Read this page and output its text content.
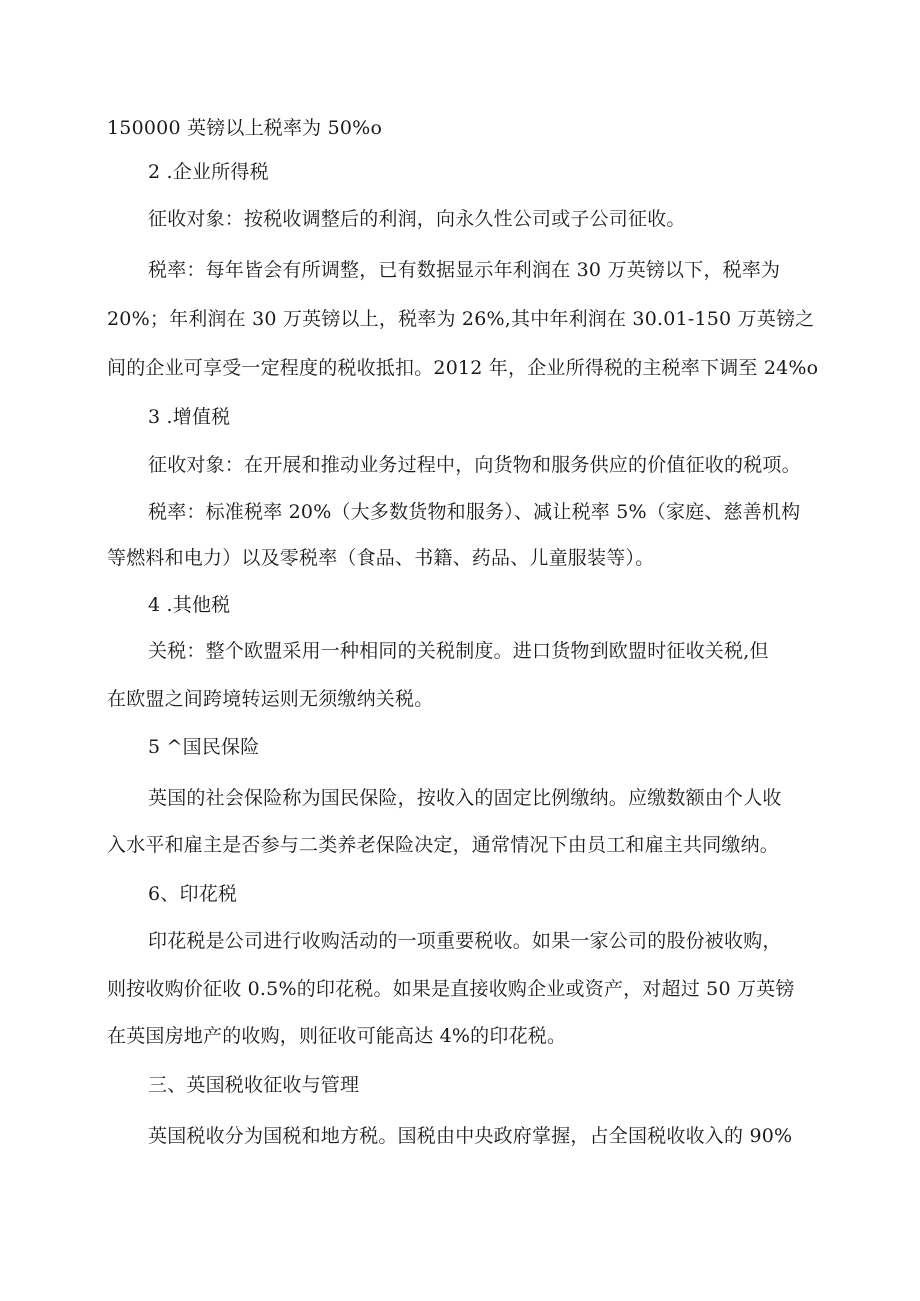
150000 英镑以上税率为 50%o
2 .企业所得税
征收对象：按税收调整后的利润，向永久性公司或子公司征收。
税率：每年皆会有所调整，已有数据显示年利润在 30 万英镑以下，税率为
20%；年利润在 30 万英镑以上，税率为 26%,其中年利润在 30.01-150 万英镑之
间的企业可享受一定程度的税收抵扣。2012 年，企业所得税的主税率下调至 24%o
3 .增值税
征收对象：在开展和推动业务过程中，向货物和服务供应的价值征收的税项。
税率：标准税率 20%（大多数货物和服务）、减让税率 5%（家庭、慈善机构
等燃料和电力）以及零税率（食品、书籍、药品、儿童服装等）。
4 .其他税
关税：整个欧盟采用一种相同的关税制度。进口货物到欧盟时征收关税,但
在欧盟之间跨境转运则无须缴纳关税。
5 ^国民保险
英国的社会保险称为国民保险，按收入的固定比例缴纳。应缴数额由个人收
入水平和雇主是否参与二类养老保险决定，通常情况下由员工和雇主共同缴纳。
6、印花税
印花税是公司进行收购活动的一项重要税收。如果一家公司的股份被收购，
则按收购价征收 0.5%的印花税。如果是直接收购企业或资产，对超过 50 万英镑
在英国房地产的收购，则征收可能高达 4%的印花税。
三、英国税收征收与管理
英国税收分为国税和地方税。国税由中央政府掌握，占全国税收收入的 90%
